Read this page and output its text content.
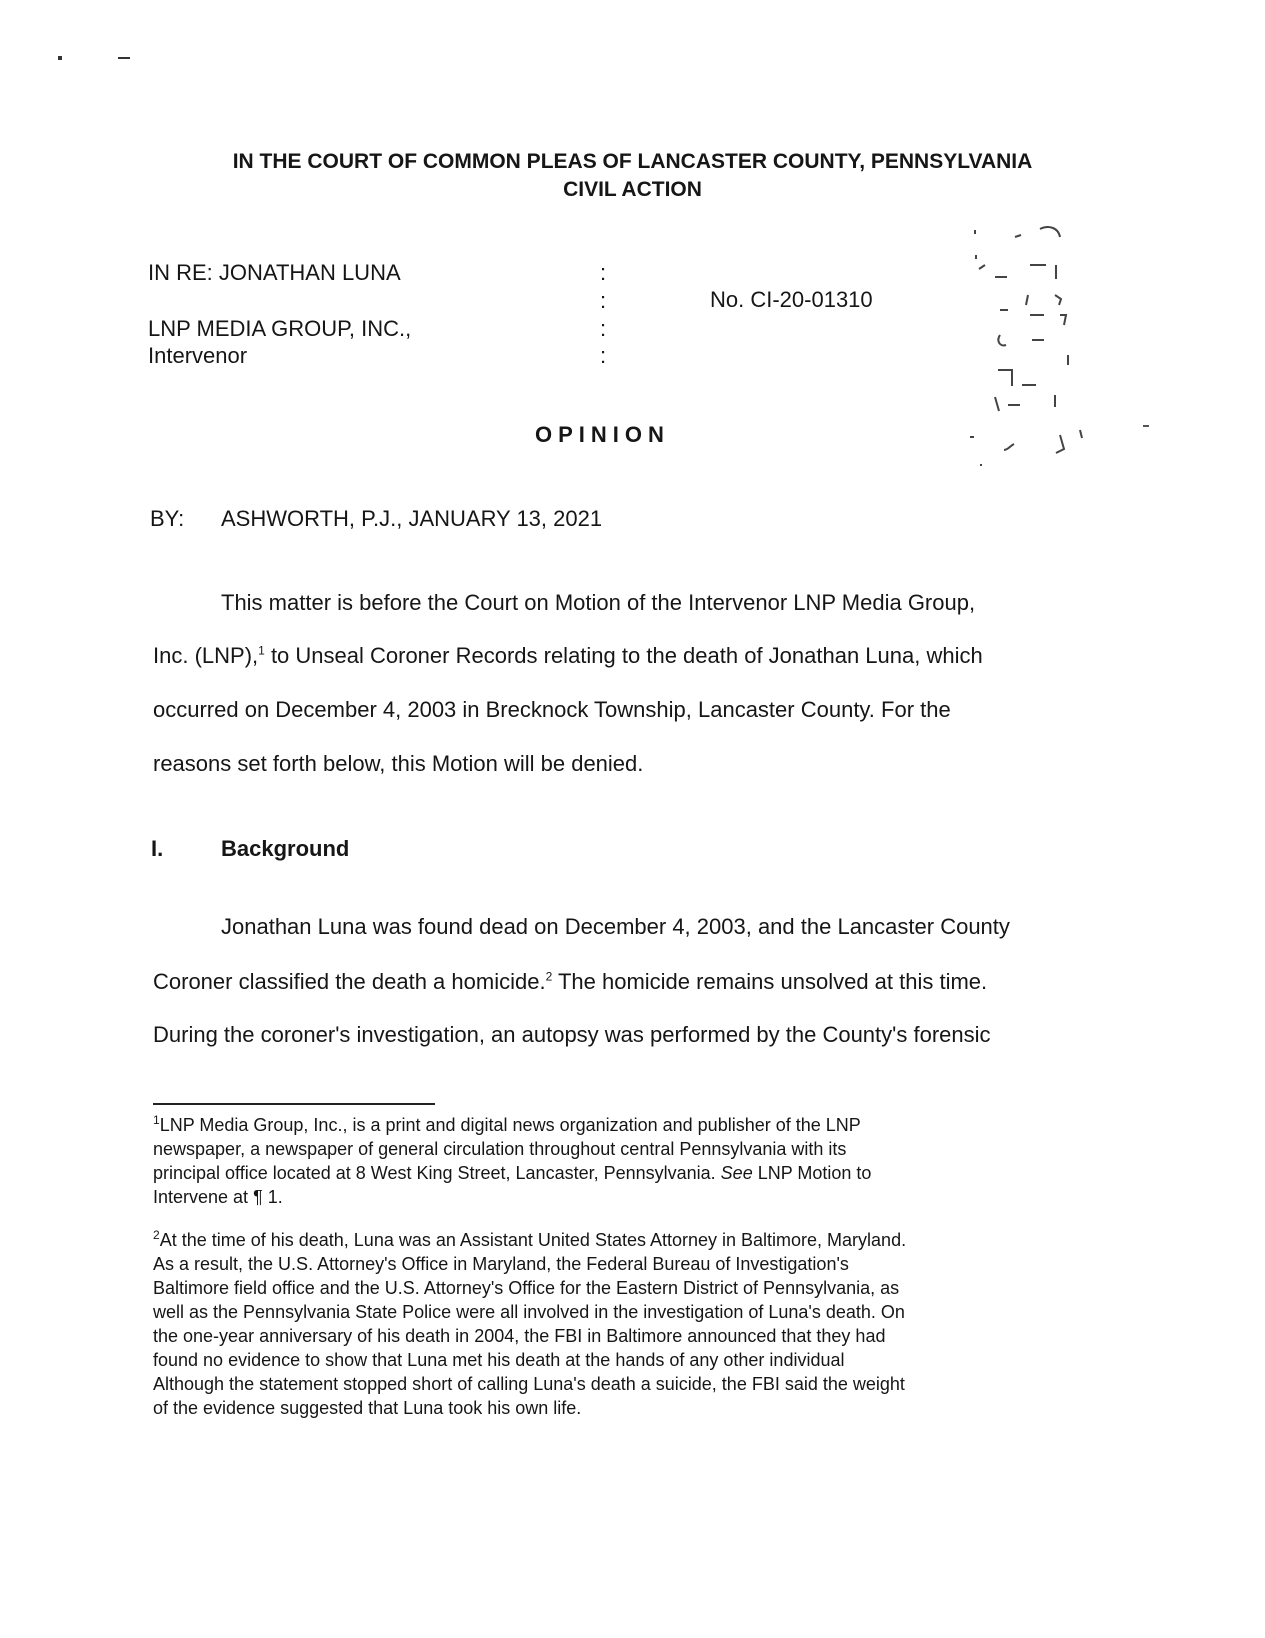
IN THE COURT OF COMMON PLEAS OF LANCASTER COUNTY, PENNSYLVANIA
CIVIL ACTION
IN RE: JONATHAN LUNA
LNP MEDIA GROUP, INC.,
Intervenor
:
:
:
:
No. CI-20-01310
OPINION
BY: ASHWORTH, P.J., JANUARY 13, 2021
This matter is before the Court on Motion of the Intervenor LNP Media Group,
Inc. (LNP),$^1$ to Unseal Coroner Records relating to the death of Jonathan Luna, which
occurred on December 4, 2003 in Brecknock Township, Lancaster County. For the
reasons set forth below, this Motion will be denied.
I.	Background
Jonathan Luna was found dead on December 4, 2003, and the Lancaster County
Coroner classified the death a homicide.$^2$ The homicide remains unsolved at this time.
During the coroner's investigation, an autopsy was performed by the County's forensic
$^1$LNP Media Group, Inc., is a print and digital news organization and publisher of the LNP
newspaper, a newspaper of general circulation throughout central Pennsylvania with its
principal office located at 8 West King Street, Lancaster, Pennsylvania. See LNP Motion to
Intervene at ¶ 1.
$^2$At the time of his death, Luna was an Assistant United States Attorney in Baltimore, Maryland.
As a result, the U.S. Attorney's Office in Maryland, the Federal Bureau of Investigation's
Baltimore field office and the U.S. Attorney's Office for the Eastern District of Pennsylvania, as
well as the Pennsylvania State Police were all involved in the investigation of Luna's death. On
the one-year anniversary of his death in 2004, the FBI in Baltimore announced that they had
found no evidence to show that Luna met his death at the hands of any other individual
Although the statement stopped short of calling Luna's death a suicide, the FBI said the weight
of the evidence suggested that Luna took his own life.
